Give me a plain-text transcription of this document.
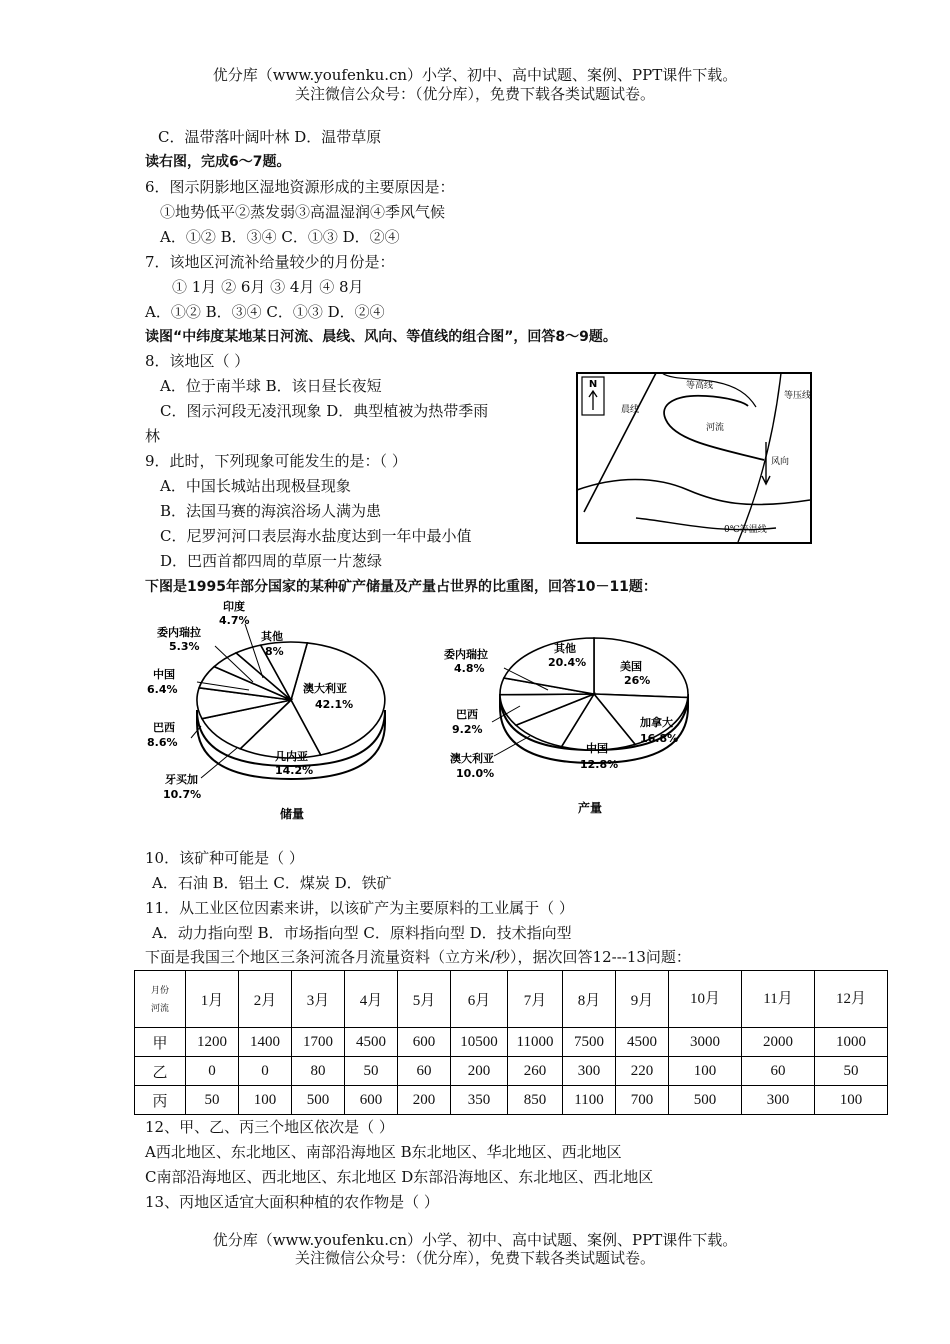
优分库（www.youfenku.cn）小学、初中、高中试题、案例、PPT课件下载。
关注微信公众号：（优分库），免费下载各类试题试卷。
C．温带落叶阔叶林 D．温带草原
读右图，完成6～7题。
6．图示阴影地区湿地资源形成的主要原因是：
①地势低平②蒸发弱③高温湿润④季风气候
A．①② B．③④ C．①③ D．②④
7．该地区河流补给量较少的月份是：
① 1月 ② 6月 ③ 4月 ④ 8月
A．①② B．③④ C．①③ D．②④
读图“中纬度某地某日河流、晨线、风向、等值线的组合图”，回答8～9题。
8．该地区（ ）
A．位于南半球 B．该日昼长夜短
C．图示河段无凌汛现象 D．典型植被为热带季雨
林
9．此时，下列现象可能发生的是：（ ）
A．中国长城站出现极昼现象
B．法国马赛的海滨浴场人满为患
C．尼罗河河口表层海水盐度达到一年中最小值
D．巴西首都四周的草原一片葱绿
下图是1995年部分国家的某种矿产储量及产量占世界的比重图，回答10－11题：
N	等高线
等压线
晨线
河流
风向
0℃等温线
澳大利亚
42.1%
几内亚
14.2%
其他
8%
印度
4.7%
委内瑞拉
5.3%
中国
6.4%
巴西
8.6%
牙买加
10.7%
储量
美国
26%
加拿大
16.8%
中国
12.8%
其他
20.4%
委内瑞拉
4.8%
巴西
9.2%
澳大利亚
10.0%
产量
10．该矿种可能是（ ）
A．石油 B．铝土 C．煤炭 D．铁矿
11．从工业区位因素来讲，以该矿产为主要原料的工业属于（ ）
A．动力指向型 B．市场指向型 C．原料指向型 D．技术指向型
下面是我国三个地区三条河流各月流量资料（立方米/秒），据次回答12---13问题：
月份
河流	1月	2月	3月	4月	5月	6月	7月	8月	9月	10月	11月	12月
甲	1200	1400	1700	4500	600	10500	11000	7500	4500	3000	2000	1000
乙	0	0	80	50	60	200	260	300	220	100	60	50
丙	50	100	500	600	200	350	850	1100	700	500	300	100
12、甲、乙、丙三个地区依次是（ ）
A西北地区、东北地区、南部沿海地区 B东北地区、华北地区、西北地区
C南部沿海地区、西北地区、东北地区 D东部沿海地区、东北地区、西北地区
13、丙地区适宜大面积种植的农作物是（ ）
优分库（www.youfenku.cn）小学、初中、高中试题、案例、PPT课件下载。
关注微信公众号：（优分库），免费下载各类试题试卷。
